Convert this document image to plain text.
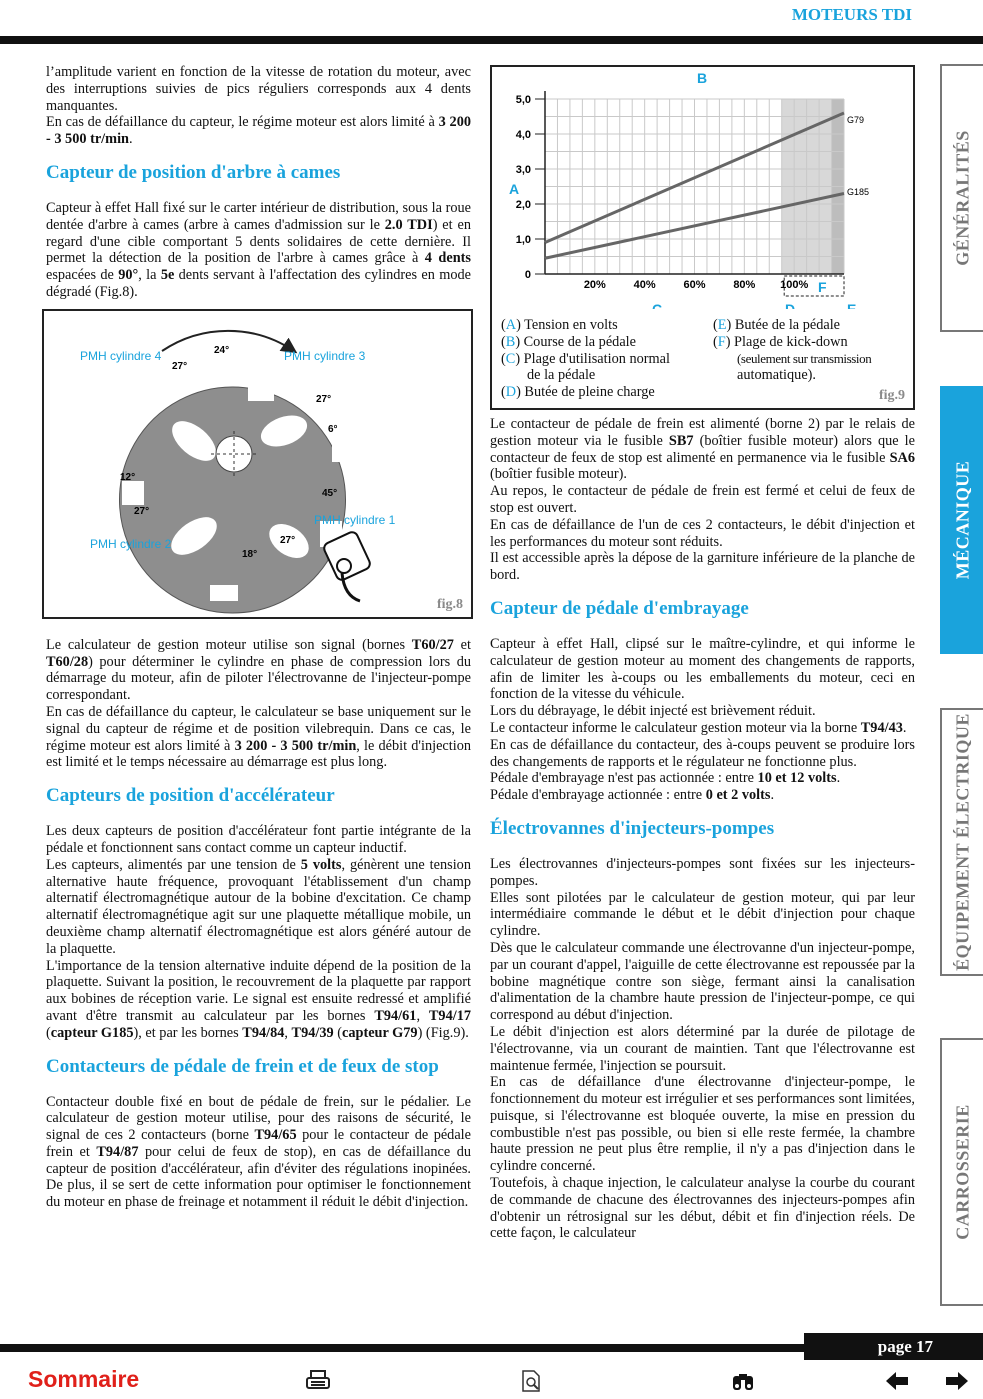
MOTEURS TDI

l’amplitude varient en fonction de la vitesse de rotation du moteur, avec des interruptions suivies de pics réguliers corresponds aux 4 dents manquantes.

En cas de défaillance du capteur, le régime moteur est alors limité à 3 200 - 3 500 tr/min.

Capteur de position d'arbre à cames

Capteur à effet Hall fixé sur le carter intérieur de distribution, sous la roue dentée d'arbre à cames (arbre à cames d'admission sur le 2.0 TDI) et en regard d'une cible comportant 5 dents solidaires de cette dernière. Il permet la détection de la position de l'arbre à cames grâce à 4 dents espacées de 90°, la 5e dents servant à l'affectation des cylindres en mode dégradé (Fig.8).

PMH cylindre 4	PMH cylindre 3
PMH cylindre 1
PMH cylindre 2
24°
27°
27°
6°
12°
27°
45°
27°
18°
fig.8

Le calculateur de gestion moteur utilise son signal (bornes T60/27 et T60/28) pour déterminer le cylindre en phase de compression lors du démarrage du moteur, afin de piloter l'électrovanne de l'injecteur-pompe correspondant.

En cas de défaillance du capteur, le calculateur se base uniquement sur le signal du capteur de régime et de position vilebrequin. Dans ce cas, le régime moteur est alors limité à 3 200 - 3 500 tr/min, le débit d'injection est limité et le temps nécessaire au démarrage est plus long.

Capteurs de position d'accélérateur

Les deux capteurs de position d'accélérateur font partie intégrante de la pédale et fonctionnent sans contact comme un capteur inductif.

Les capteurs, alimentés par une tension de 5 volts, génèrent une tension alternative haute fréquence, provoquant l'établissement d'un champ alternatif électromagnétique autour de la bobine d'excitation. Ce champ alternatif électromagnétique agit sur une plaquette métallique mobile, un deuxième champ alternatif électromagnétique est alors généré autour de la plaquette.

L'importance de la tension alternative induite dépend de la position de la plaquette. Suivant la position, le recouvrement de la plaquette par rapport aux bobines de réception varie. Le signal est ensuite redressé et amplifié avant d'être transmit au calculateur par les bornes T94/61, T94/17 (capteur G185), et par les bornes T94/84, T94/39 (capteur G79) (Fig.9).

Contacteurs de pédale de frein et de feux de stop

Contacteur double fixé en bout de pédale de frein, sur le pédalier. Le calculateur de gestion moteur utilise, pour des raisons de sécurité, le signal de ces 2 contacteurs (borne T94/65 pour le contacteur de pédale frein et T94/87 pour celui de feux de stop), en cas de défaillance du capteur de position d'accélérateur, afin d'éviter des régulations inopinées. De plus, il se sert de cette information pour optimiser le fonctionnement du moteur en phase de freinage et notamment il réduit le débit d'injection.

0
1,0
2,0
3,0
4,0
5,0
20%	40%	60%	80% 100%
B
A
C	D	E
F
G79
G185
(A) Tension en volts
(B) Course de la pédale
(C) Plage d'utilisation normal
de la pédale
(D) Butée de pleine charge
(E) Butée de la pédale
(F) Plage de kick-down
(seulement sur transmission
automatique).
fig.9

Le contacteur de pédale de frein est alimenté (borne 2) par le relais de gestion moteur via le fusible SB7 (boîtier fusible moteur) alors que le contacteur de feux de stop est alimenté en permanence via le fusible SA6 (boîtier fusible moteur).

Au repos, le contacteur de pédale de frein est fermé et celui de feux de stop est ouvert.

En cas de défaillance de l'un de ces 2 contacteurs, le débit d'injection et les performances du moteur sont réduits.

Il est accessible après la dépose de la garniture inférieure de la planche de bord.

Capteur de pédale d'embrayage

Capteur à effet Hall, clipsé sur le maître-cylindre, et qui informe le calculateur de gestion moteur au moment des changements de rapports, afin de limiter les à-coups ou les emballements du moteur, ceci en fonction de la vitesse du véhicule.

Lors du débrayage, le débit injecté est brièvement réduit.

Le contacteur informe le calculateur gestion moteur via la borne T94/43.

En cas de défaillance du contacteur, des à-coups peuvent se produire lors des changements de rapports et le régulateur ne fonctionne plus.

Pédale d'embrayage n'est pas actionnée : entre 10 et 12 volts.

Pédale d'embrayage actionnée : entre 0 et 2 volts.

Électrovannes d'injecteurs-pompes

Les électrovannes d'injecteurs-pompes sont fixées sur les injecteurs-pompes.

Elles sont pilotées par le calculateur de gestion moteur, qui par leur intermédiaire commande le début et le débit d'injection pour chaque cylindre.

Dès que le calculateur commande une électrovanne d'un injecteur-pompe, par un courant d'appel, l'aiguille de cette électrovanne est repoussée par la bobine magnétique contre son siège, fermant ainsi la canalisation d'alimentation de la chambre haute pression de l'injecteur-pompe, ce qui correspond au début d'injection.

Le débit d'injection est alors déterminé par la durée de pilotage de l'électrovanne, via un courant de maintien. Tant que l'électrovanne est maintenue fermée, l'injection se poursuit.

En cas de défaillance d'une électrovanne d'injecteur-pompe, le fonctionnement du moteur est irrégulier et ses performances sont limitées, puisque, si l'électrovanne est bloquée ouverte, la mise en pression du combustible n'est pas possible, ou bien si elle reste fermée, la chambre haute pression ne peut plus être remplie, il n'y a pas d'injection dans le cylindre concerné.

Toutefois, à chaque injection, le calculateur analyse la courbe du courant de commande de chacune des électrovannes des injecteurs-pompes afin d'obtenir un rétrosignal sur les début, débit et fin d'injection réels. De cette façon, le calculateur

GÉNÉRALITÉS
MÉCANIQUE
ÉQUIPEMENT ÉLECTRIQUE
CARROSSERIE
page 17
Sommaire
